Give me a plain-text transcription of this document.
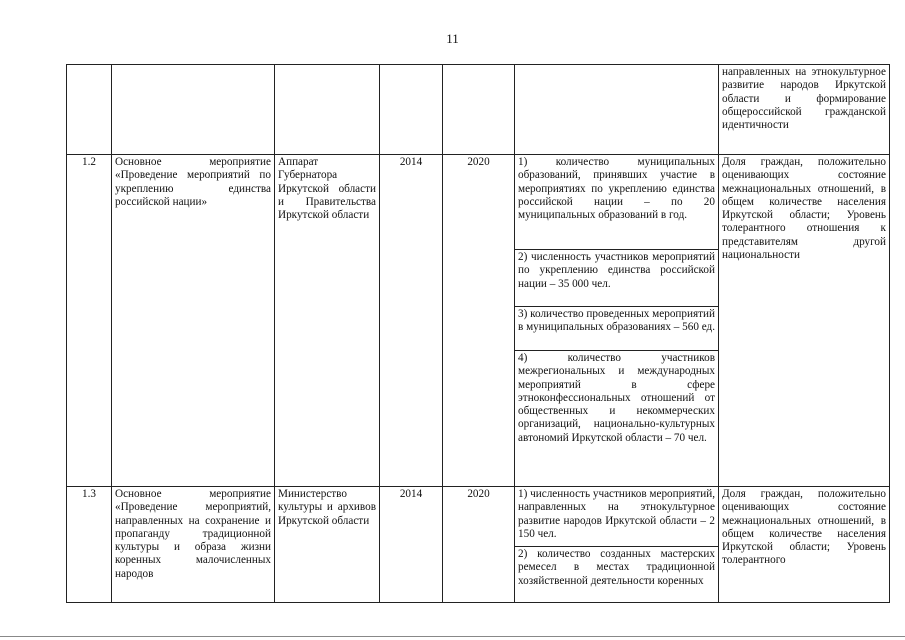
11
						направленных на этнокультурное развитие народов Иркутской области и формирование общероссийской гражданской идентичности
1.2	Основное мероприятие «Проведение мероприятий по укреплению единства российской нации»	Аппарат Губернатора Иркутской области и Правительства Иркутской области	2014	2020	1) количество муниципальных образований, принявших участие в мероприятиях по укреплению единства российской нации – по 20 муниципальных образований в год.	Доля граждан, положительно оценивающих состояние межнациональных отношений, в общем количестве населения Иркутской области; Уровень толерантного отношения к представителям другой национальности
					2) численность участников мероприятий по укреплению единства российской нации – 35 000 чел.	
					3) количество проведенных мероприятий в муниципальных образованиях – 560 ед.	
					4) количество участников межрегиональных и международных мероприятий в сфере этноконфессиональных отношений от общественных и некоммерческих организаций, национально-культурных автономий Иркутской области – 70 чел.	
1.3	Основное мероприятие «Проведение мероприятий, направленных на сохранение и пропаганду традиционной культуры и образа жизни коренных малочисленных народов	Министерство культуры и архивов Иркутской области	2014	2020	1) численность участников мероприятий, направленных на этнокультурное развитие народов Иркутской области – 2 150 чел.	Доля граждан, положительно оценивающих состояние межнациональных отношений, в общем количестве населения Иркутской области; Уровень толерантного
					2) количество созданных мастерских ремесел в местах традиционной хозяйственной деятельности коренных	
